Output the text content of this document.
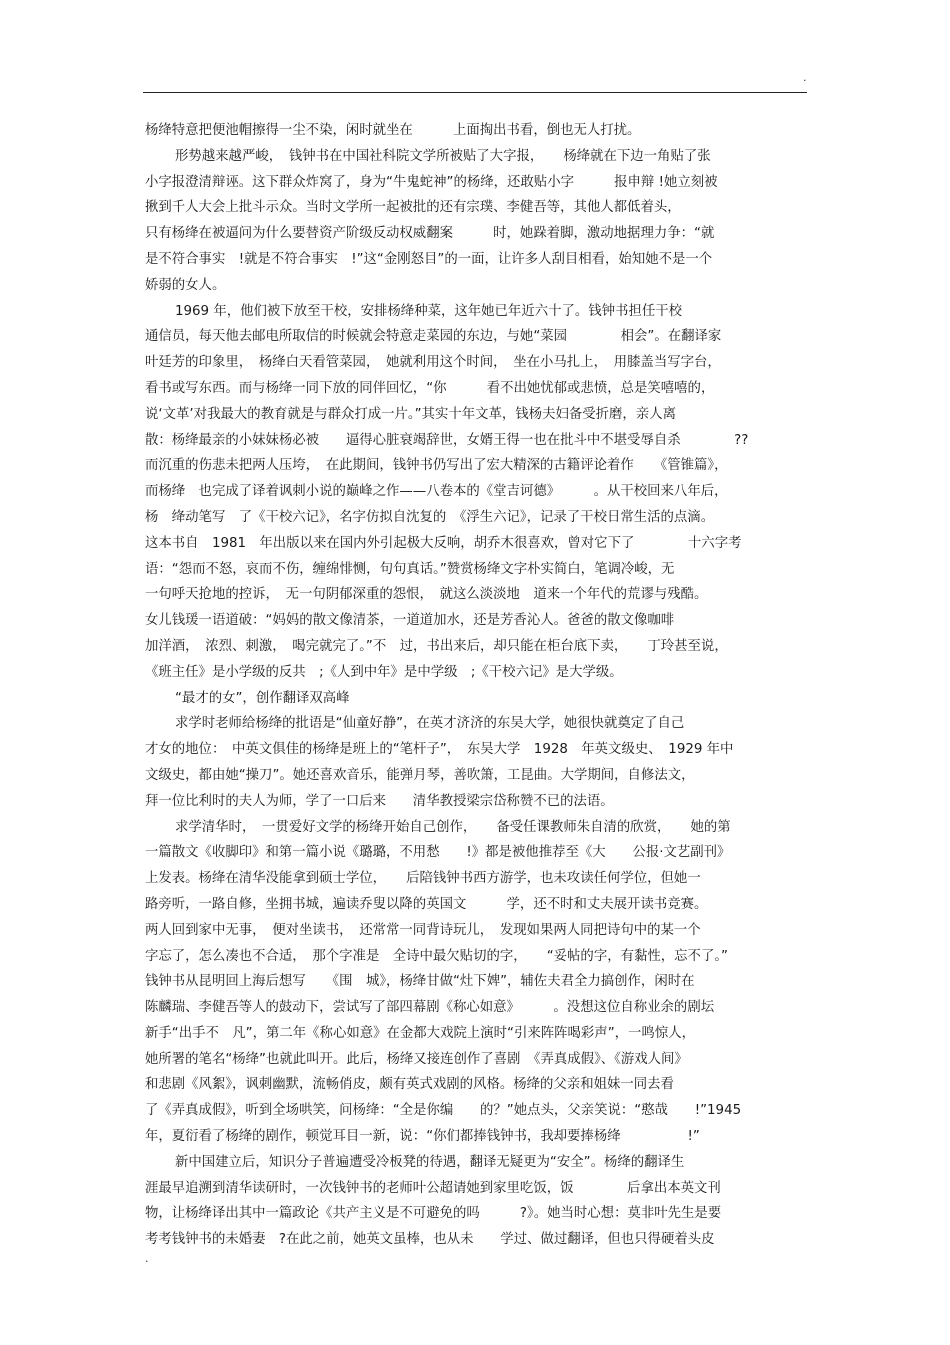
.
杨绛特意把便池帽擦得一尘不染，闲时就坐在　　　上面掏出书看，倒也无人打扰。
形势越来越严峻，　钱钟书在中国社科院文学所被贴了大字报，　　杨绛就在下边一角贴了张
小字报澄清辩诬。这下群众炸窝了，身为“牛鬼蛇神”的杨绛，还敢贴小字　　　报申辩 !她立刻被
揪到千人大会上批斗示众。当时文学所一起被批的还有宗璞、李健吾等，其他人都低着头，
只有杨绛在被逼问为什么要替资产阶级反动权威翻案　　　时，她跺着脚，激动地据理力争：“就
是不符合事实　!就是不符合事实　!”这“金刚怒目”的一面，让许多人刮目相看，始知她不是一个
娇弱的女人。
1969 年，他们被下放至干校，安排杨绛种菜，这年她已年近六十了。钱钟书担任干校
通信员，每天他去邮电所取信的时候就会特意走菜园的东边，与她“菜园　　　　相会”。在翻译家
叶廷芳的印象里，　杨绛白天看管菜园，　她就利用这个时间，　坐在小马扎上，　用膝盖当写字台，
看书或写东西。而与杨绛一同下放的同伴回忆，“你　　　看不出她忧郁或悲愤，总是笑嘻嘻的，
说‘文革’对我最大的教育就是与群众打成一片。”其实十年文革，钱杨夫妇备受折磨，亲人离
散：杨绛最亲的小妹妹杨必被　　逼得心脏衰竭辞世，女婿王得一也在批斗中不堪受辱自杀　　　　??
而沉重的伤悲未把两人压垮，　在此期间，钱钟书仍写出了宏大精深的古籍评论着作　　《管锥篇》，
而杨绛　也完成了译着讽刺小说的巅峰之作——八卷本的《堂吉诃德》　　　。从干校回来八年后，
杨　绛动笔写　了《干校六记》，名字仿拟自沈复的　《浮生六记》，记录了干校日常生活的点滴。
这本书自　1981　年出版以来在国内外引起极大反响，胡乔木很喜欢，曾对它下了　　　　十六字考
语：“怨而不怒，哀而不伤，缠绵悱恻，句句真话。”赞赏杨绛文字朴实简白，笔调冷峻，无
一句呼天抢地的控诉，　无一句阴郁深重的怨恨，　就这么淡淡地　道来一个年代的荒谬与残酷。
女儿钱瑗一语道破：“妈妈的散文像清茶，一道道加水，还是芳香沁人。爸爸的散文像咖啡
加洋酒，　浓烈、刺激，　喝完就完了。”不　过，书出来后，却只能在柜台底下卖，　　丁玲甚至说，
《班主任》是小学级的反共　;《人到中年》是中学级　;《干校六记》是大学级。
“最才的女”，创作翻译双高峰
求学时老师给杨绛的批语是“仙童好静”，在英才济济的东吴大学，她很快就奠定了自己
才女的地位：　中英文俱佳的杨绛是班上的“笔杆子”，　东吴大学　1928　年英文级史、　1929 年中
文级史，都由她“操刀”。她还喜欢音乐，能弹月琴，善吹箫，工昆曲。大学期间，自修法文，
拜一位比利时的夫人为师，学了一口后来　　清华教授梁宗岱称赞不已的法语。
求学清华时，　一贯爱好文学的杨绛开始自己创作，　　备受任课教师朱自清的欣赏，　　她的第
一篇散文《收脚印》和第一篇小说《璐璐，不用愁　　!》都是被他推荐至《大　　公报·文艺副刊》
上发表。杨绛在清华没能拿到硕士学位，　　后陪钱钟书西方游学，也未攻读任何学位，但她一
路旁听，一路自修，坐拥书城，遍读乔叟以降的英国文　　　学，还不时和丈夫展开读书竞赛。
两人回到家中无事，　便对坐读书，　还常常一同背诗玩儿，　发现如果两人同把诗句中的某一个
字忘了，怎么凑也不合适，　那个字准是　全诗中最欠贴切的字，　　“妥帖的字，有黏性，忘不了。”
钱钟书从昆明回上海后想写　　《围　城》，杨绛甘做“灶下婢”，辅佐夫君全力搞创作，闲时在
陈麟瑞、李健吾等人的鼓动下，尝试写了部四幕剧《称心如意》　　　。没想这位自称业余的剧坛
新手“出手不　凡”，第二年《称心如意》在金都大戏院上演时“引来阵阵喝彩声”，一鸣惊人，
她所署的笔名“杨绛”也就此叫开。此后，杨绛又接连创作了喜剧　《弄真成假》、《游戏人间》
和悲剧《风絮》，讽刺幽默，流畅俏皮，颇有英式戏剧的风格。杨绛的父亲和姐妹一同去看
了《弄真成假》，听到全场哄笑，问杨绛：“全是你编　　的？”她点头，父亲笑说：“憨哉　　!”1945
年，夏衍看了杨绛的剧作，顿觉耳目一新，说：“你们都捧钱钟书，我却要捧杨绛　　　　　!”
新中国建立后，知识分子普遍遭受冷板凳的待遇，翻译无疑更为“安全”。杨绛的翻译生
涯最早追溯到清华读研时，一次钱钟书的老师叶公超请她到家里吃饭，饭　　　　后拿出本英文刊
物，让杨绛译出其中一篇政论《共产主义是不可避免的吗　　　?》。她当时心想：莫非叶先生是要
考考钱钟书的未婚妻　?在此之前，她英文虽棒，也从未　　学过、做过翻译，但也只得硬着头皮
.
